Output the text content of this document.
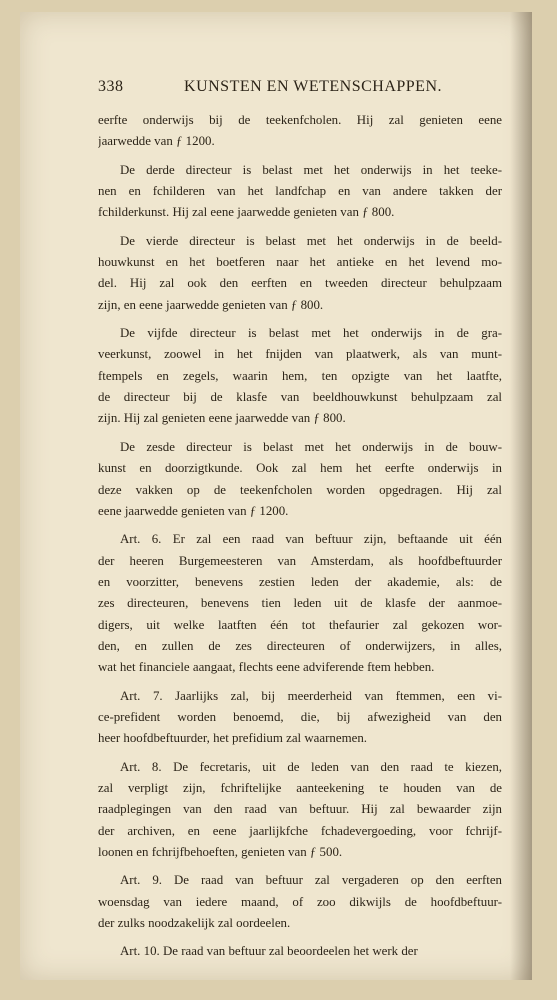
338	KUNSTEN EN WETENSCHAPPEN.
eerfte onderwijs bij de teekenfcholen. Hij zal genieten eene
jaarwedde van ƒ 1200.
De derde directeur is belast met het onderwijs in het teeke-
nen en fchilderen van het landfchap en van andere takken der
fchilderkunst. Hij zal eene jaarwedde genieten van ƒ 800.
De vierde directeur is belast met het onderwijs in de beeld-
houwkunst en het boetferen naar het antieke en het levend mo-
del. Hij zal ook den eerften en tweeden directeur behulpzaam
zijn, en eene jaarwedde genieten van ƒ 800.
De vijfde directeur is belast met het onderwijs in de gra-
veerkunst, zoowel in het fnijden van plaatwerk, als van munt-
ftempels en zegels, waarin hem, ten opzigte van het laatfte,
de directeur bij de klasfe van beeldhouwkunst behulpzaam zal
zijn. Hij zal genieten eene jaarwedde van ƒ 800.
De zesde directeur is belast met het onderwijs in de bouw-
kunst en doorzigtkunde. Ook zal hem het eerfte onderwijs in
deze vakken op de teekenfcholen worden opgedragen. Hij zal
eene jaarwedde genieten van ƒ 1200.
Art. 6. Er zal een raad van beftuur zijn, beftaande uit één
der heeren Burgemeesteren van Amsterdam, als hoofdbeftuurder
en voorzitter, benevens zestien leden der akademie, als: de
zes directeuren, benevens tien leden uit de klasfe der aanmoe-
digers, uit welke laatften één tot thefaurier zal gekozen wor-
den, en zullen de zes directeuren of onderwijzers, in alles,
wat het financiele aangaat, flechts eene adviferende ftem hebben.
Art. 7. Jaarlijks zal, bij meerderheid van ftemmen, een vi-
ce-prefident worden benoemd, die, bij afwezigheid van den
heer hoofdbeftuurder, het prefidium zal waarnemen.
Art. 8. De fecretaris, uit de leden van den raad te kiezen,
zal verpligt zijn, fchriftelijke aanteekening te houden van de
raadplegingen van den raad van beftuur. Hij zal bewaarder zijn
der archiven, en eene jaarlijkfche fchadevergoeding, voor fchrijf-
loonen en fchrijfbehoeften, genieten van ƒ 500.
Art. 9. De raad van beftuur zal vergaderen op den eerften
woensdag van iedere maand, of zoo dikwijls de hoofdbeftuur-
der zulks noodzakelijk zal oordeelen.
Art. 10. De raad van beftuur zal beoordeelen het werk der
